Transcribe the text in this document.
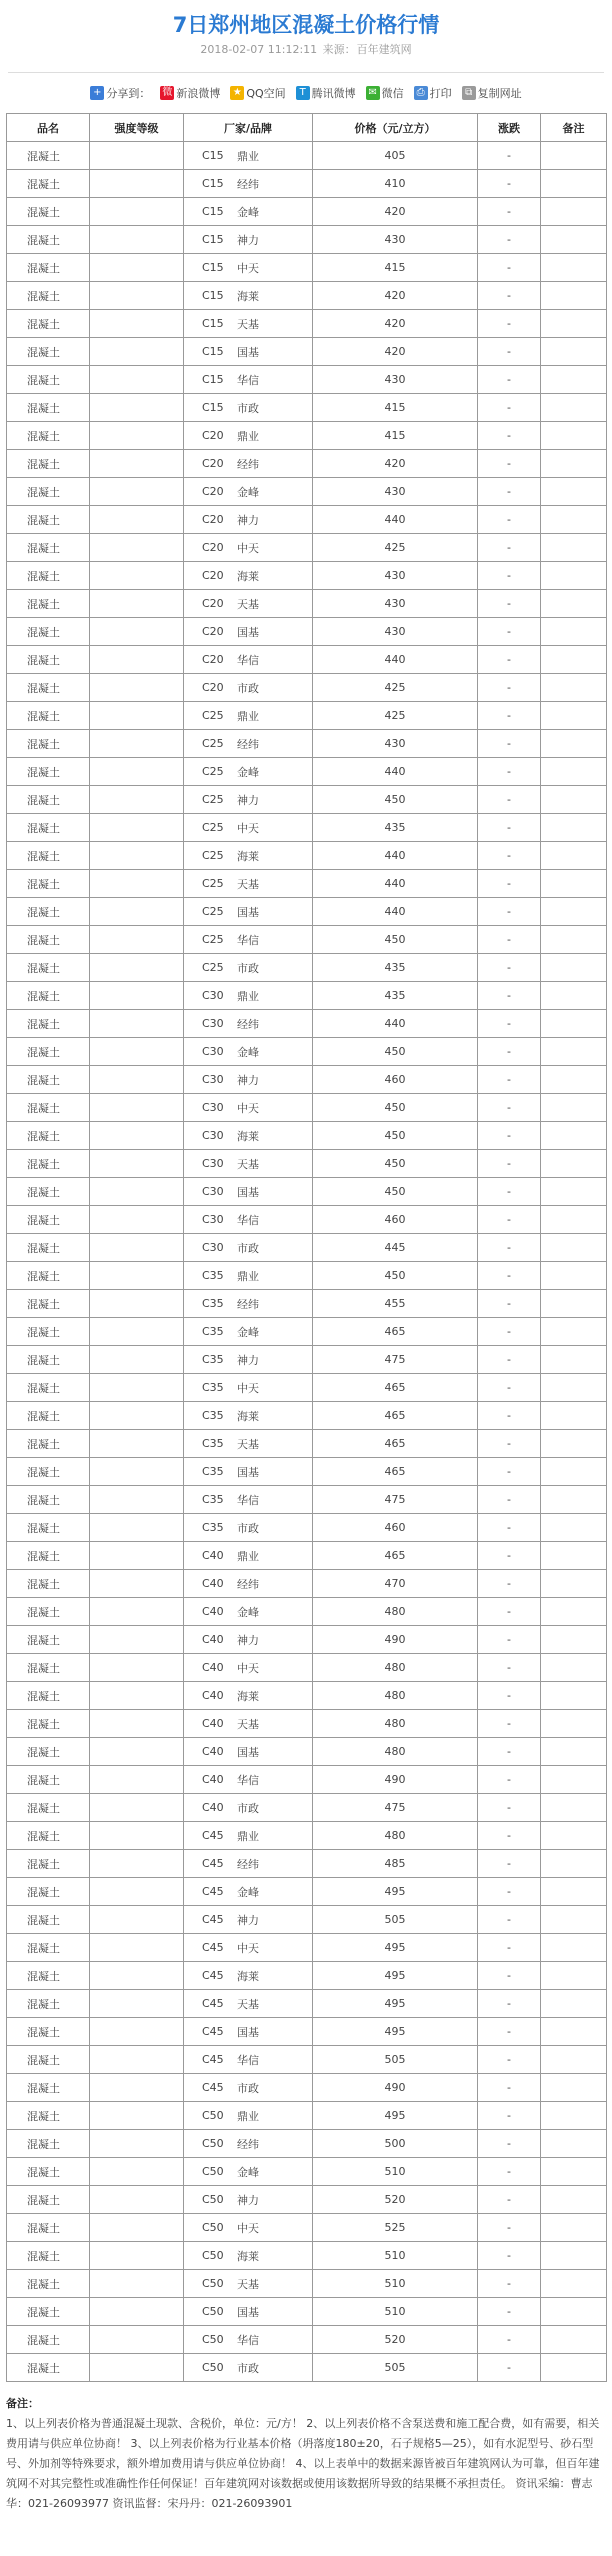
7日郑州地区混凝土价格行情
2018-02-07 11:12:11 来源：百年建筑网
+ 分享到： 微 新浪微博 ★ QQ空间	T 腾讯微博 ✉ 微信	⎙ 打印	⧉ 复制网址
品名	强度等级	厂家/品牌	价格（元/立方）	涨跌	备注
混凝土	C15	鼎业	405	-	
混凝土	C15	经纬	410	-	
混凝土	C15	金峰	420	-	
混凝土	C15	神力	430	-	
混凝土	C15	中天	415	-	
混凝土	C15	海莱	420	-	
混凝土	C15	天基	420	-	
混凝土	C15	国基	420	-	
混凝土	C15	华信	430	-	
混凝土	C15	市政	415	-	
混凝土	C20	鼎业	415	-	
混凝土	C20	经纬	420	-	
混凝土	C20	金峰	430	-	
混凝土	C20	神力	440	-	
混凝土	C20	中天	425	-	
混凝土	C20	海莱	430	-	
混凝土	C20	天基	430	-	
混凝土	C20	国基	430	-	
混凝土	C20	华信	440	-	
混凝土	C20	市政	425	-	
混凝土	C25	鼎业	425	-	
混凝土	C25	经纬	430	-	
混凝土	C25	金峰	440	-	
混凝土	C25	神力	450	-	
混凝土	C25	中天	435	-	
混凝土	C25	海莱	440	-	
混凝土	C25	天基	440	-	
混凝土	C25	国基	440	-	
混凝土	C25	华信	450	-	
混凝土	C25	市政	435	-	
混凝土	C30	鼎业	435	-	
混凝土	C30	经纬	440	-	
混凝土	C30	金峰	450	-	
混凝土	C30	神力	460	-	
混凝土	C30	中天	450	-	
混凝土	C30	海莱	450	-	
混凝土	C30	天基	450	-	
混凝土	C30	国基	450	-	
混凝土	C30	华信	460	-	
混凝土	C30	市政	445	-	
混凝土	C35	鼎业	450	-	
混凝土	C35	经纬	455	-	
混凝土	C35	金峰	465	-	
混凝土	C35	神力	475	-	
混凝土	C35	中天	465	-	
混凝土	C35	海莱	465	-	
混凝土	C35	天基	465	-	
混凝土	C35	国基	465	-	
混凝土	C35	华信	475	-	
混凝土	C35	市政	460	-	
混凝土	C40	鼎业	465	-	
混凝土	C40	经纬	470	-	
混凝土	C40	金峰	480	-	
混凝土	C40	神力	490	-	
混凝土	C40	中天	480	-	
混凝土	C40	海莱	480	-	
混凝土	C40	天基	480	-	
混凝土	C40	国基	480	-	
混凝土	C40	华信	490	-	
混凝土	C40	市政	475	-	
混凝土	C45	鼎业	480	-	
混凝土	C45	经纬	485	-	
混凝土	C45	金峰	495	-	
混凝土	C45	神力	505	-	
混凝土	C45	中天	495	-	
混凝土	C45	海莱	495	-	
混凝土	C45	天基	495	-	
混凝土	C45	国基	495	-	
混凝土	C45	华信	505	-	
混凝土	C45	市政	490	-	
混凝土	C50	鼎业	495	-	
混凝土	C50	经纬	500	-	
混凝土	C50	金峰	510	-	
混凝土	C50	神力	520	-	
混凝土	C50	中天	525	-	
混凝土	C50	海莱	510	-	
混凝土	C50	天基	510	-	
混凝土	C50	国基	510	-	
混凝土	C50	华信	520	-	
混凝土	C50	市政	505	-	
备注：
1、以上列表价格为普通混凝土现款、含税价，单位：元/方！ 2、以上列表价格不含泵送费和施工配合费，如有需要，相关费用请与供应单位协商！ 3、以上列表价格为行业基本价格（坍落度180±20，石子规格5—25），如有水泥型号、砂石型号、外加剂等特殊要求，额外增加费用请与供应单位协商！ 4、以上表单中的数据来源皆被百年建筑网认为可靠，但百年建筑网不对其完整性或准确性作任何保证！百年建筑网对该数据或使用该数据所导致的结果概不承担责任。 资讯采编：曹志华：021-26093977 资讯监督：宋丹丹：021-26093901
